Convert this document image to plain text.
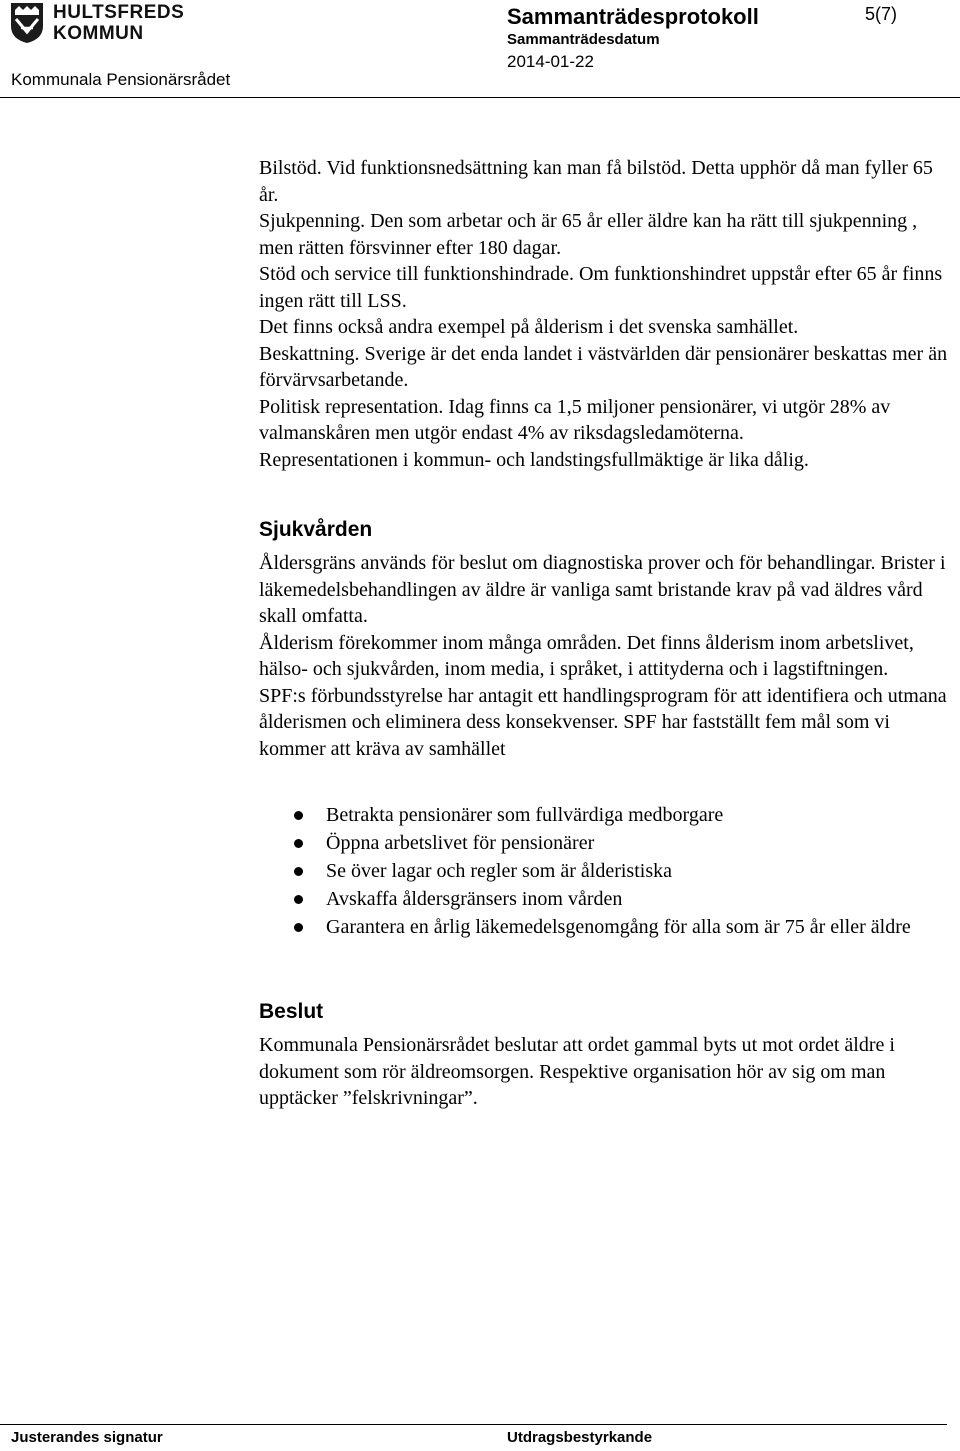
HULTSFREDS
KOMMUN
Sammanträdesprotokoll	5(7)
Sammanträdesdatum
2014-01-22
Kommunala Pensionärsrådet

Bilstöd. Vid funktionsnedsättning kan man få bilstöd. Detta upphör då man fyller 65 år.

Sjukpenning. Den som arbetar och är 65 år eller äldre kan ha rätt till sjukpenning , men rätten försvinner efter 180 dagar.

Stöd och service till funktionshindrade. Om funktionshindret uppstår efter 65 år finns ingen rätt till LSS.

Det finns också andra exempel på ålderism i det svenska samhället.

Beskattning. Sverige är det enda landet i västvärlden där pensionärer beskattas mer än förvärvsarbetande.

Politisk representation. Idag finns ca 1,5 miljoner pensionärer, vi utgör 28% av valmanskåren men utgör endast 4% av riksdagsledamöterna.

Representationen i kommun- och landstingsfullmäktige är lika dålig.

Sjukvården

Åldersgräns används för beslut om diagnostiska prover och för behandlingar. Brister i läkemedelsbehandlingen av äldre är vanliga samt bristande krav på vad äldres vård skall omfatta.

Ålderism förekommer inom många områden. Det finns ålderism inom arbetslivet, hälso- och sjukvården, inom media, i språket, i attityderna och i lagstiftningen.

SPF:s förbundsstyrelse har antagit ett handlingsprogram för att identifiera och utmana ålderismen och eliminera dess konsekvenser. SPF har fastställt fem mål som vi kommer att kräva av samhället

Betrakta pensionärer som fullvärdiga medborgare
Öppna arbetslivet för pensionärer
Se över lagar och regler som är ålderistiska
Avskaffa åldersgränsers inom vården
Garantera en årlig läkemedelsgenomgång för alla som är 75 år eller äldre
Beslut

Kommunala Pensionärsrådet beslutar att ordet gammal byts ut mot ordet äldre i dokument som rör äldreomsorgen. Respektive organisation hör av sig om man upptäcker ”felskrivningar”.

Justerandes signatur	Utdragsbestyrkande
